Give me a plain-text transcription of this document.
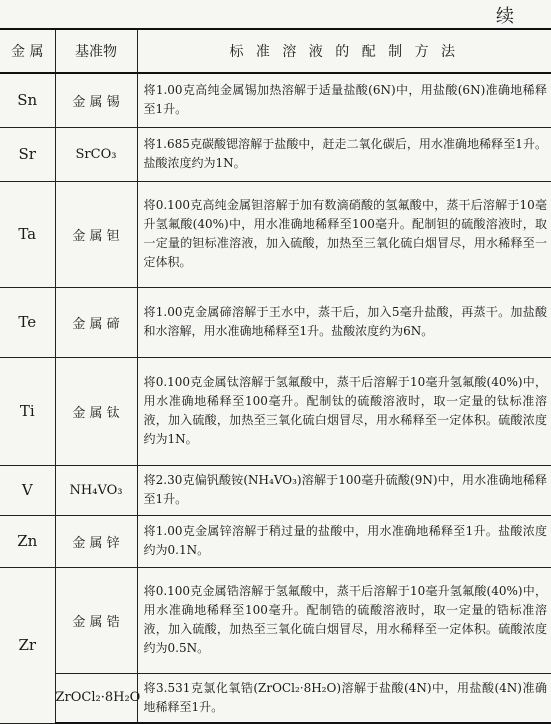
续
金 属	基准物	标 准 溶 液 的 配 制 方 法
Sn	金 属 锡	将1.00克高纯金属锡加热溶解于适量盐酸(6N)中，用盐酸(6N)准确地稀释至1升。
Sr	SrCO₃	将1.685克碳酸锶溶解于盐酸中，赶走二氧化碳后，用水准确地稀释至1升。盐酸浓度约为1N。
Ta	金 属 钽	将0.100克高纯金属钽溶解于加有数滴硝酸的氢氟酸中，蒸干后溶解于10毫升氢氟酸(40%)中，用水准确地稀释至100毫升。配制钽的硫酸溶液时，取一定量的钽标准溶液，加入硫酸，加热至三氧化硫白烟冒尽，用水稀释至一定体积。
Te	金 属 碲	将1.00克金属碲溶解于王水中，蒸干后，加入5毫升盐酸，再蒸干。加盐酸和水溶解，用水准确地稀释至1升。盐酸浓度约为6N。
Ti	金 属 钛	将0.100克金属钛溶解于氢氟酸中，蒸干后溶解于10毫升氢氟酸(40%)中，用水准确地稀释至100毫升。配制钛的硫酸溶液时，取一定量的钛标准溶液，加入硫酸，加热至三氧化硫白烟冒尽，用水稀释至一定体积。硫酸浓度约为1N。
V	NH₄VO₃	将2.30克偏钒酸铵(NH₄VO₃)溶解于100毫升硫酸(9N)中，用水准确地稀释至1升。
Zn	金 属 锌	将1.00克金属锌溶解于稍过量的盐酸中，用水准确地稀释至1升。盐酸浓度约为0.1N。
Zr	金 属 锆	将0.100克金属锆溶解于氢氟酸中，蒸干后溶解于10毫升氢氟酸(40%)中，用水准确地稀释至100毫升。配制锆的硫酸溶液时，取一定量的锆标准溶液，加入硫酸，加热至三氧化硫白烟冒尽，用水稀释至一定体积。硫酸浓度约为0.5N。
	ZrOCl₂·8H₂O	将3.531克氯化氧锆(ZrOCl₂·8H₂O)溶解于盐酸(4N)中，用盐酸(4N)准确地稀释至1升。
